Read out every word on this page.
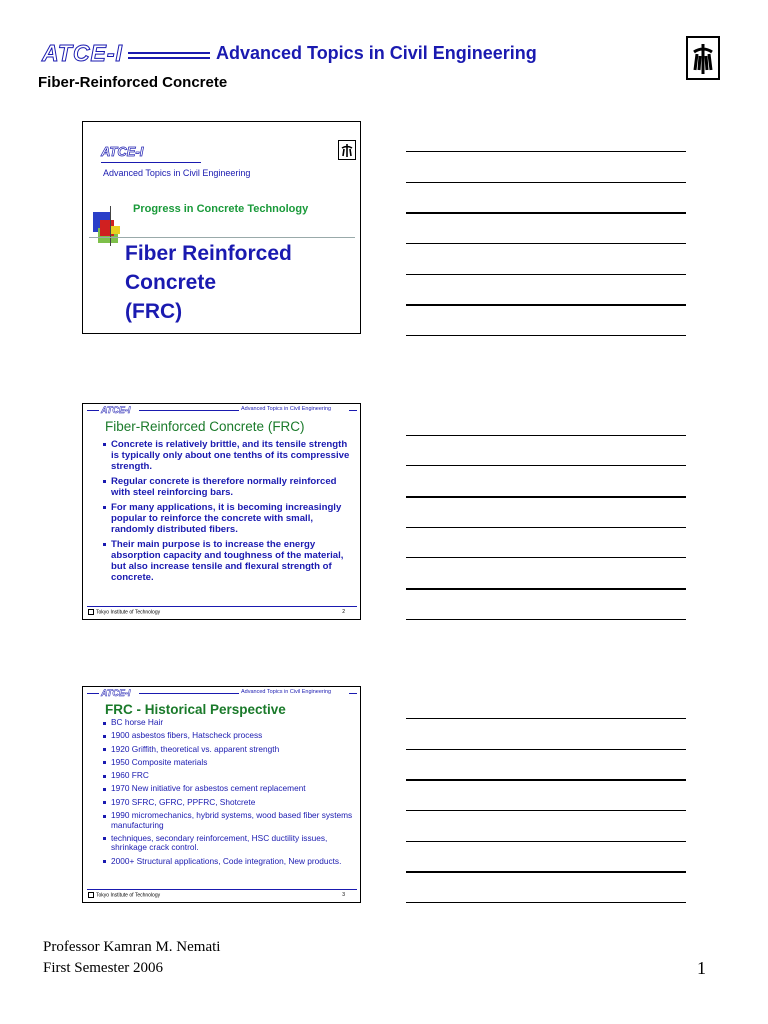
ATCE-I	Advanced Topics in Civil Engineering
Fiber-Reinforced Concrete
ATCE-I
Advanced Topics in Civil Engineering
Progress in Concrete Technology
Fiber Reinforced
Concrete
(FRC)
ATCE-I	Advanced Topics in Civil Engineering
Fiber-Reinforced Concrete (FRC)
Concrete is relatively brittle, and its tensile strength is typically only about one tenths of its compressive strength.
Regular concrete is therefore normally reinforced with steel reinforcing bars.
For many applications, it is becoming increasingly popular to reinforce the concrete with small, randomly distributed fibers.
Their main purpose is to increase the energy absorption capacity and toughness of the material, but also increase tensile and flexural strength of concrete.
Tokyo Institute of Technology	2
ATCE-I	Advanced Topics in Civil Engineering
FRC - Historical Perspective
BC horse Hair
1900 asbestos fibers, Hatscheck process
1920 Griffith, theoretical vs. apparent strength
1950 Composite materials
1960 FRC
1970 New initiative for asbestos cement replacement
1970 SFRC, GFRC, PPFRC, Shotcrete
1990 micromechanics, hybrid systems, wood based fiber systems manufacturing
techniques, secondary reinforcement, HSC ductility issues, shrinkage crack control.
2000+ Structural applications, Code integration, New products.
Tokyo Institute of Technology	3
Professor Kamran M. Nemati
First Semester 2006	1
